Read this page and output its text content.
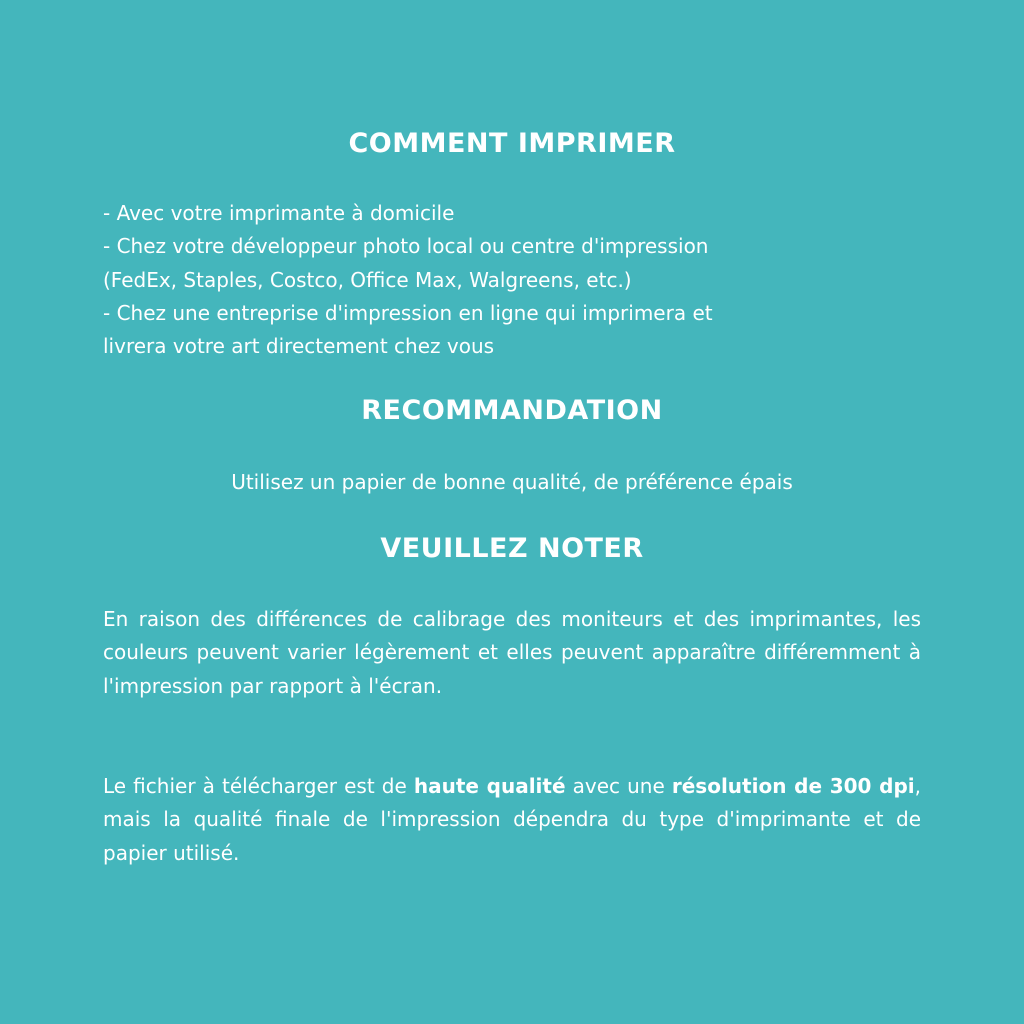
COMMENT IMPRIMER
- Avec votre imprimante à domicile
- Chez votre développeur photo local ou centre d'impression
(FedEx, Staples, Costco, Office Max, Walgreens, etc.)
- Chez une entreprise d'impression en ligne qui imprimera et
livrera votre art directement chez vous
RECOMMANDATION
Utilisez un papier de bonne qualité, de préférence épais
VEUILLEZ NOTER

En raison des différences de calibrage des moniteurs et des imprimantes, les couleurs peuvent varier légèrement et elles peuvent apparaître différemment à l'impression par rapport à l'écran.

Le fichier à télécharger est de haute qualité avec une résolution de 300 dpi, mais la qualité finale de l'impression dépendra du type d'imprimante et de papier utilisé.
